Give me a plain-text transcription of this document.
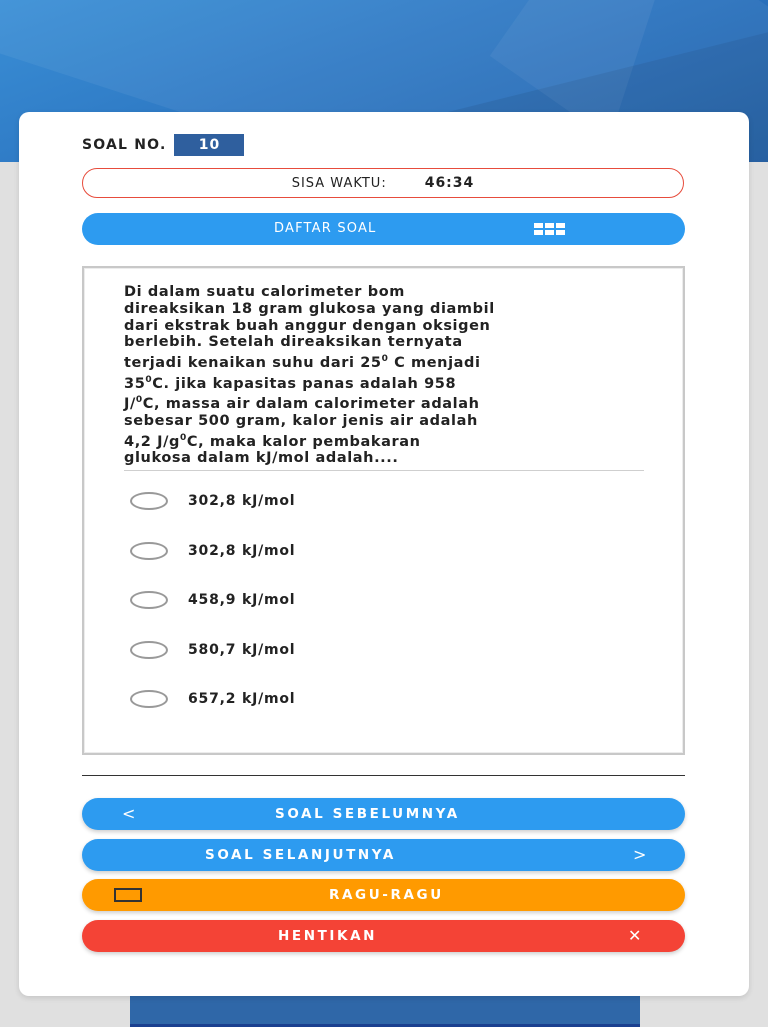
SOAL NO.	10
SISA WAKTU:	46:34
DAFTAR SOAL
Di dalam suatu calorimeter bom
direaksikan 18 gram glukosa yang diambil
dari ekstrak buah anggur dengan oksigen
berlebih. Setelah direaksikan ternyata
terjadi kenaikan suhu dari $25^0$ C menjadi
$35^0C$. jika kapasitas panas adalah 958
J/$^0$C, massa air dalam calorimeter adalah
sebesar 500 gram, kalor jenis air adalah
4,2 $J/g^0C$, maka kalor pembakaran
glukosa dalam kJ/mol adalah....
302,8 kJ/mol
302,8 kJ/mol
458,9 kJ/mol
580,7 kJ/mol
657,2 kJ/mol
<	SOAL SEBELUMNYA
SOAL SELANJUTNYA	>
RAGU-RAGU
HENTIKAN	✕
